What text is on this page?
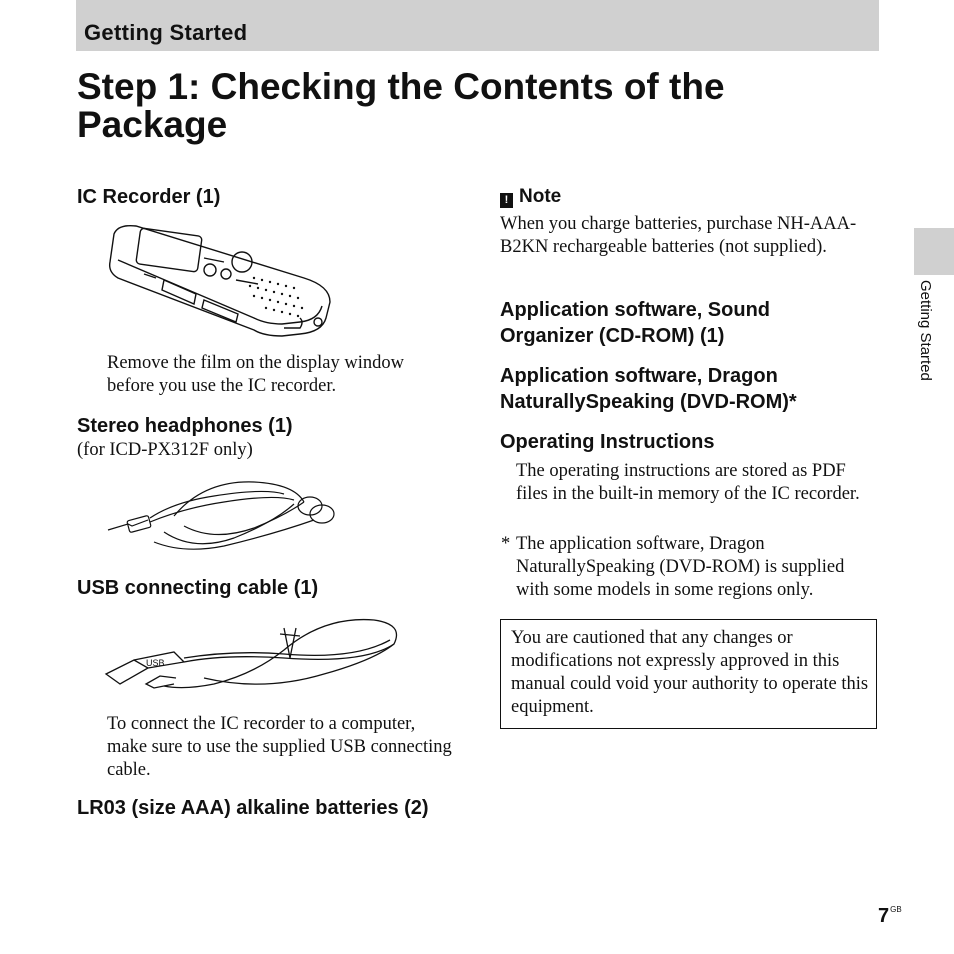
Getting Started
Step 1: Checking the Contents of the Package
Getting Started
IC Recorder (1)

Remove the film on the display window before you use the IC recorder.

Stereo headphones (1)

(for ICD-PX312F only)

USB connecting cable (1)
USB

To connect the IC recorder to a computer, make sure to use the supplied USB connecting cable.

LR03 (size AAA) alkaline batteries (2)
! Note

When you charge batteries, purchase NH-AAA-B2KN rechargeable batteries (not supplied).

Application software, Sound Organizer (CD-ROM) (1)
Application software, Dragon NaturallySpeaking (DVD-ROM)*
Operating Instructions

The operating instructions are stored as PDF files in the built-in memory of the IC recorder.

* The application software, Dragon NaturallySpeaking (DVD-ROM) is supplied with some models in some regions only.

You are cautioned that any changes or modifications not expressly approved in this manual could void your authority to operate this equipment.

$7^{GB}$
